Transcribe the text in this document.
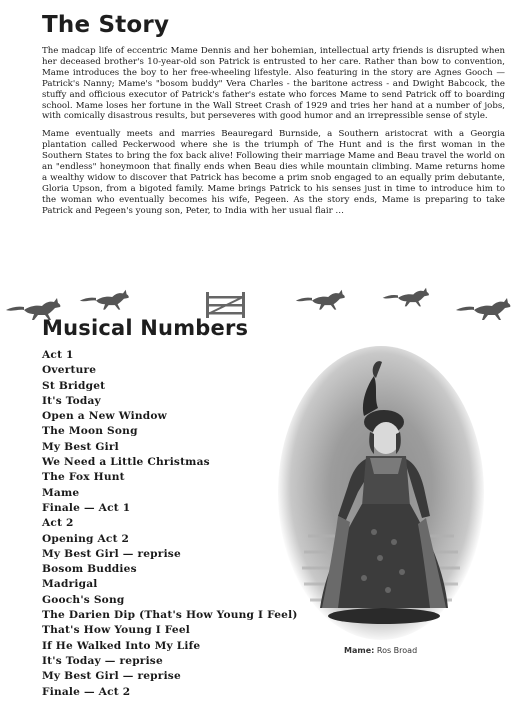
The Story

The madcap life of eccentric Mame Dennis and her bohemian, intellectual arty friends is disrupted when her deceased brother's 10-year-old son Patrick is entrusted to her care. Rather than bow to convention, Mame introduces the boy to her free-wheeling lifestyle. Also featuring in the story are Agnes Gooch — Patrick's Nanny; Mame's "bosom buddy" Vera Charles - the baritone actress - and Dwight Babcock, the stuffy and officious executor of Patrick's father's estate who forces Mame to send Patrick off to boarding school. Mame loses her fortune in the Wall Street Crash of 1929 and tries her hand at a number of jobs, with comically disastrous results, but perseveres with good humor and an irrepressible sense of style.

Mame eventually meets and marries Beauregard Burnside, a Southern aristocrat with a Georgia plantation called Peckerwood where she is the triumph of The Hunt and is the first woman in the Southern States to bring the fox back alive! Following their marriage Mame and Beau travel the world on an "endless" honeymoon that finally ends when Beau dies while mountain climbing. Mame returns home a wealthy widow to discover that Patrick has become a prim snob engaged to an equally prim debutante, Gloria Upson, from a bigoted family. Mame brings Patrick to his senses just in time to introduce him to the woman who eventually becomes his wife, Pegeen. As the story ends, Mame is preparing to take Patrick and Pegeen's young son, Peter, to India with her usual flair …

Musical Numbers
Act 1
Overture
St Bridget
It's Today
Open a New Window
The Moon Song
My Best Girl
We Need a Little Christmas
The Fox Hunt
Mame
Finale — Act 1
Act 2
Opening Act 2
My Best Girl — reprise
Bosom Buddies
Madrigal
Gooch's Song
The Darien Dip (That's How Young I Feel)
That's How Young I Feel
If He Walked Into My Life
It's Today — reprise
My Best Girl — reprise
Finale — Act 2
Mame: Ros Broad
